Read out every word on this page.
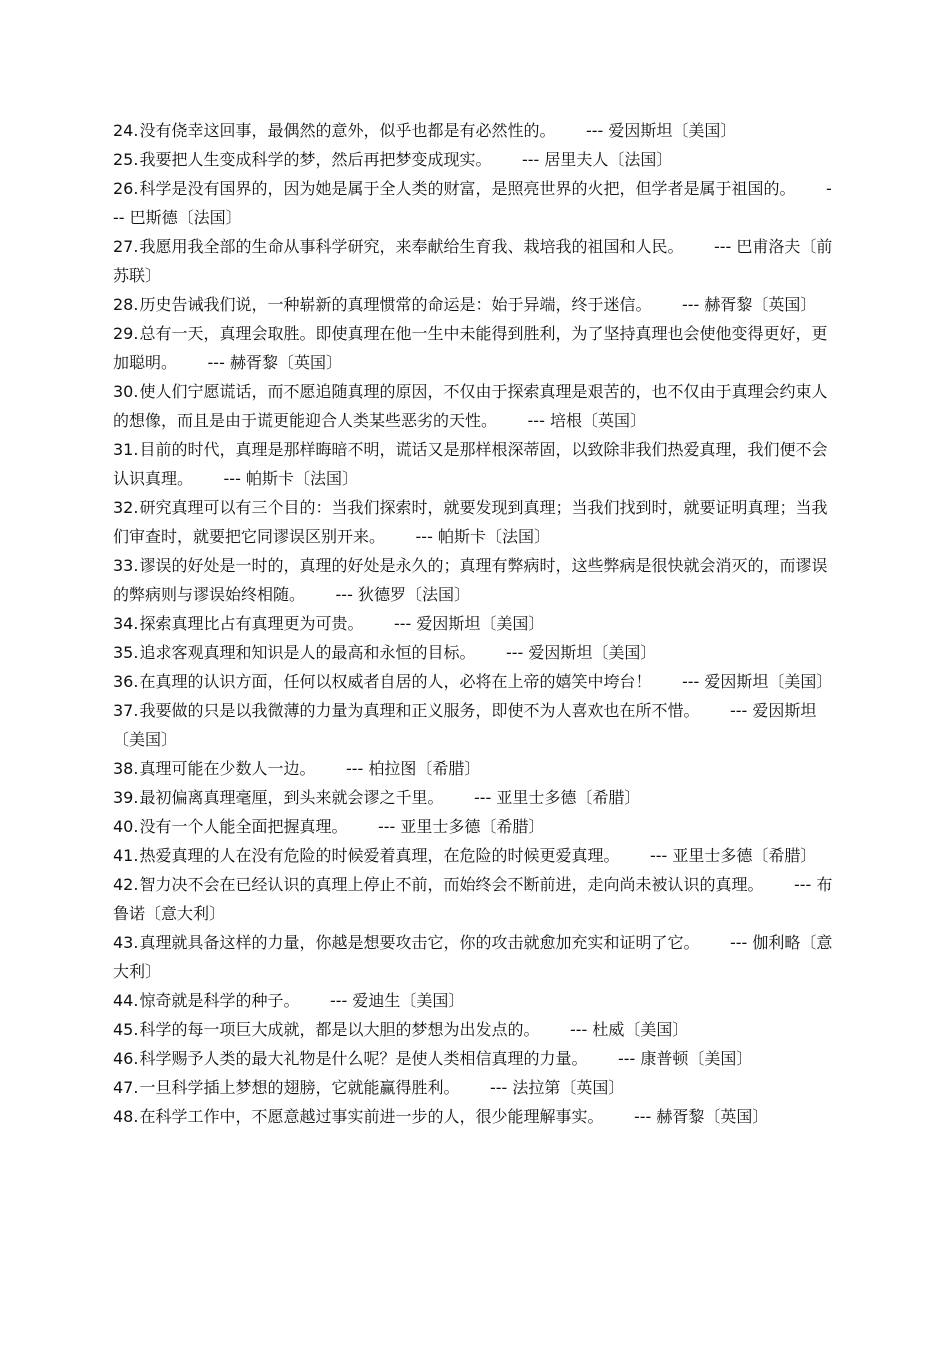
24.没有侥幸这回事，最偶然的意外，似乎也都是有必然性的。 --- 爱因斯坦〔美国〕
25.我要把人生变成科学的梦，然后再把梦变成现实。 --- 居里夫人〔法国〕
26.科学是没有国界的，因为她是属于全人类的财富，是照亮世界的火把，但学者是属于祖国的。 --- 巴斯德〔法国〕
27.我愿用我全部的生命从事科学研究，来奉献给生育我、栽培我的祖国和人民。 --- 巴甫洛夫〔前苏联〕
28.历史告诫我们说，一种崭新的真理惯常的命运是：始于异端，终于迷信。 --- 赫胥黎〔英国〕
29.总有一天，真理会取胜。即使真理在他一生中未能得到胜利，为了坚持真理也会使他变得更好，更加聪明。 --- 赫胥黎〔英国〕
30.使人们宁愿谎话，而不愿追随真理的原因，不仅由于探索真理是艰苦的，也不仅由于真理会约束人的想像，而且是由于谎更能迎合人类某些恶劣的天性。 --- 培根〔英国〕
31.目前的时代，真理是那样晦暗不明，谎话又是那样根深蒂固，以致除非我们热爱真理，我们便不会认识真理。 --- 帕斯卡〔法国〕
32.研究真理可以有三个目的：当我们探索时，就要发现到真理；当我们找到时，就要证明真理；当我们审查时，就要把它同谬误区别开来。 --- 帕斯卡〔法国〕
33.谬误的好处是一时的，真理的好处是永久的；真理有弊病时，这些弊病是很快就会消灭的，而谬误的弊病则与谬误始终相随。 --- 狄德罗〔法国〕
34.探索真理比占有真理更为可贵。 --- 爱因斯坦〔美国〕
35.追求客观真理和知识是人的最高和永恒的目标。 --- 爱因斯坦〔美国〕
36.在真理的认识方面，任何以权威者自居的人，必将在上帝的嬉笑中垮台！ --- 爱因斯坦〔美国〕
37.我要做的只是以我微薄的力量为真理和正义服务，即使不为人喜欢也在所不惜。 --- 爱因斯坦〔美国〕
38.真理可能在少数人一边。 --- 柏拉图〔希腊〕
39.最初偏离真理毫厘，到头来就会谬之千里。 --- 亚里士多德〔希腊〕
40.没有一个人能全面把握真理。 --- 亚里士多德〔希腊〕
41.热爱真理的人在没有危险的时候爱着真理，在危险的时候更爱真理。 --- 亚里士多德〔希腊〕
42.智力决不会在已经认识的真理上停止不前，而始终会不断前进，走向尚未被认识的真理。 --- 布鲁诺〔意大利〕
43.真理就具备这样的力量，你越是想要攻击它，你的攻击就愈加充实和证明了它。 --- 伽利略〔意大利〕
44.惊奇就是科学的种子。 --- 爱迪生〔美国〕
45.科学的每一项巨大成就，都是以大胆的梦想为出发点的。 --- 杜威〔美国〕
46.科学赐予人类的最大礼物是什么呢？是使人类相信真理的力量。 --- 康普顿〔美国〕
47.一旦科学插上梦想的翅膀，它就能赢得胜利。 --- 法拉第〔英国〕
48.在科学工作中，不愿意越过事实前进一步的人，很少能理解事实。 --- 赫胥黎〔英国〕
